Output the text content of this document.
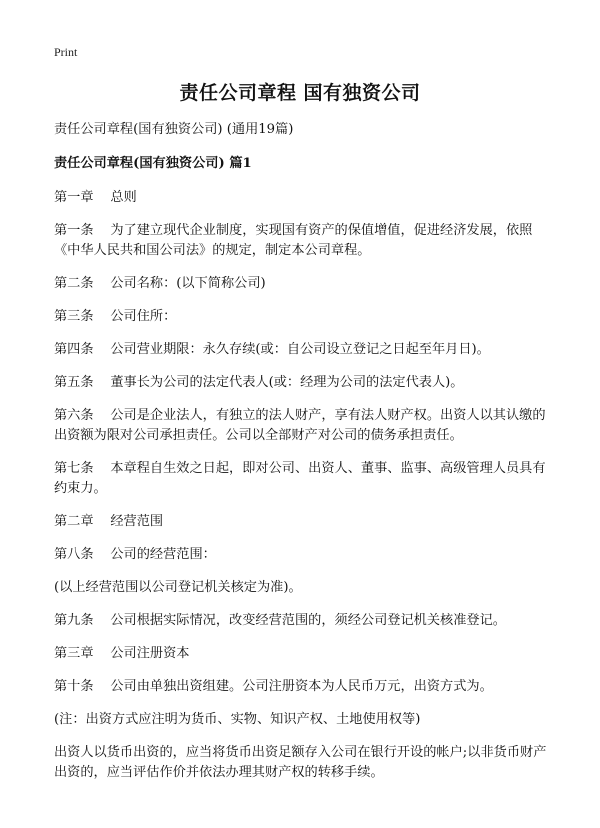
Print
责任公司章程 国有独资公司
责任公司章程(国有独资公司) (通用19篇)
责任公司章程(国有独资公司) 篇1
第一章    总则
第一条    为了建立现代企业制度，实现国有资产的保值增值，促进经济发展，依照《中华人民共和国公司法》的规定，制定本公司章程。
第二条    公司名称：(以下简称公司)
第三条    公司住所：
第四条    公司营业期限：永久存续(或：自公司设立登记之日起至年月日)。
第五条    董事长为公司的法定代表人(或：经理为公司的法定代表人)。
第六条    公司是企业法人，有独立的法人财产，享有法人财产权。出资人以其认缴的出资额为限对公司承担责任。公司以全部财产对公司的债务承担责任。
第七条    本章程自生效之日起，即对公司、出资人、董事、监事、高级管理人员具有约束力。
第二章    经营范围
第八条    公司的经营范围：
(以上经营范围以公司登记机关核定为准)。
第九条    公司根据实际情况，改变经营范围的，须经公司登记机关核准登记。
第三章    公司注册资本
第十条    公司由单独出资组建。公司注册资本为人民币万元，出资方式为。
(注：出资方式应注明为货币、实物、知识产权、土地使用权等)
出资人以货币出资的，应当将货币出资足额存入公司在银行开设的帐户;以非货币财产出资的，应当评估作价并依法办理其财产权的转移手续。
